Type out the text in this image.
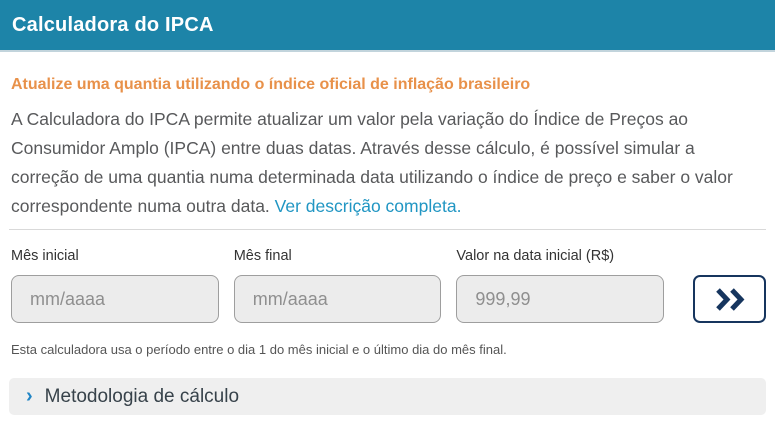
Calculadora do IPCA
Atualize uma quantia utilizando o índice oficial de inflação brasileiro

A Calculadora do IPCA permite atualizar um valor pela variação do Índice de Preços ao Consumidor Amplo (IPCA) entre duas datas. Através desse cálculo, é possível simular a correção de uma quantia numa determinada data utilizando o índice de preço e saber o valor correspondente numa outra data. Ver descrição completa.

Mês inicial
mm/aaaa	Mês final
mm/aaaa	Valor na data inicial (R$)
999,99
Esta calculadora usa o período entre o dia 1 do mês inicial e o último dia do mês final.
› Metodologia de cálculo
